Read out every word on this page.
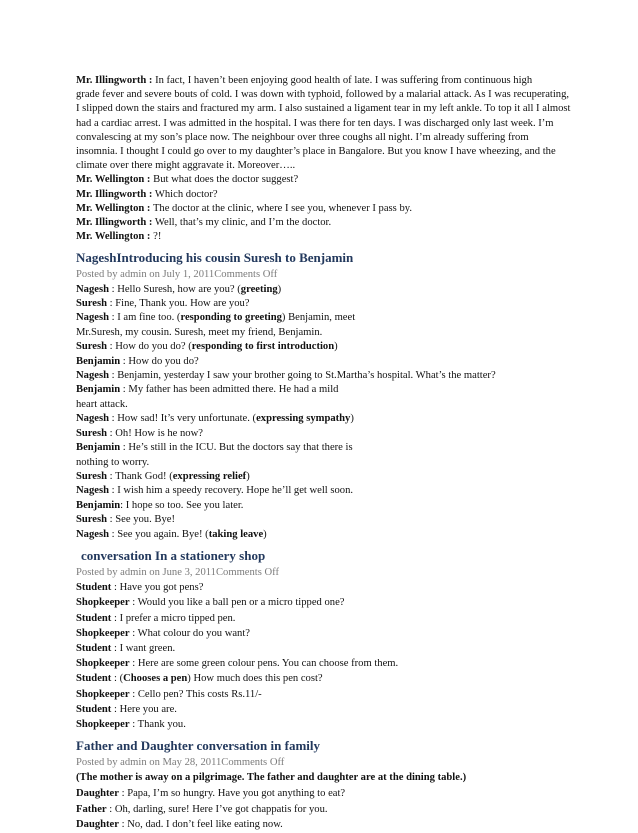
Mr. Illingworth : In fact, I haven’t been enjoying good health of late. I was suffering from continuous high
grade fever and severe bouts of cold. I was down with typhoid, followed by a malarial attack. As I was recuperating,
I slipped down the stairs and fractured my arm. I also sustained a ligament tear in my left ankle. To top it all I almost
had a cardiac arrest. I was admitted in the hospital. I was there for ten days. I was discharged only last week. I’m
convalescing at my son’s place now. The neighbour over three coughs all night. I’m already suffering from
insomnia. I thought I could go over to my daughter’s place in Bangalore. But you know I have wheezing, and the
climate over there might aggravate it. Moreover…..
Mr. Wellington : But what does the doctor suggest?
Mr. Illingworth : Which doctor?
Mr. Wellington : The doctor at the clinic, where I see you, whenever I pass by.
Mr. Illingworth : Well, that’s my clinic, and I’m the doctor.
Mr. Wellington : ?!
NageshIntroducing his cousin Suresh to Benjamin
Posted by admin on July 1, 2011Comments Off
Nagesh : Hello Suresh, how are you? (greeting)
Suresh : Fine, Thank you. How are you?
Nagesh : I am fine too. (responding to greeting) Benjamin, meet
Mr.Suresh, my cousin. Suresh, meet my friend, Benjamin.
Suresh : How do you do? (responding to first introduction)
Benjamin : How do you do?
Nagesh : Benjamin, yesterday I saw your brother going to St.Martha’s hospital. What’s the matter?
Benjamin : My father has been admitted there. He had a mild
heart attack.
Nagesh : How sad! It’s very unfortunate. (expressing sympathy)
Suresh : Oh! How is he now?
Benjamin : He’s still in the ICU. But the doctors say that there is
nothing to worry.
Suresh : Thank God! (expressing relief)
Nagesh : I wish him a speedy recovery. Hope he’ll get well soon.
Benjamin: I hope so too. See you later.
Suresh : See you. Bye!
Nagesh : See you again. Bye! (taking leave)
conversation In a stationery shop
Posted by admin on June 3, 2011Comments Off
Student : Have you got pens?
Shopkeeper : Would you like a ball pen or a micro tipped one?
Student : I prefer a micro tipped pen.
Shopkeeper : What colour do you want?
Student : I want green.
Shopkeeper : Here are some green colour pens. You can choose from them.
Student : (Chooses a pen) How much does this pen cost?
Shopkeeper : Cello pen? This costs Rs.11/-
Student : Here you are.
Shopkeeper : Thank you.
Father and Daughter conversation in family
Posted by admin on May 28, 2011Comments Off
(The mother is away on a pilgrimage. The father and daughter are at the dining table.)
Daughter : Papa, I’m so hungry. Have you got anything to eat?
Father : Oh, darling, sure! Here I’ve got chappatis for you.
Daughter : No, dad. I don’t feel like eating now.
